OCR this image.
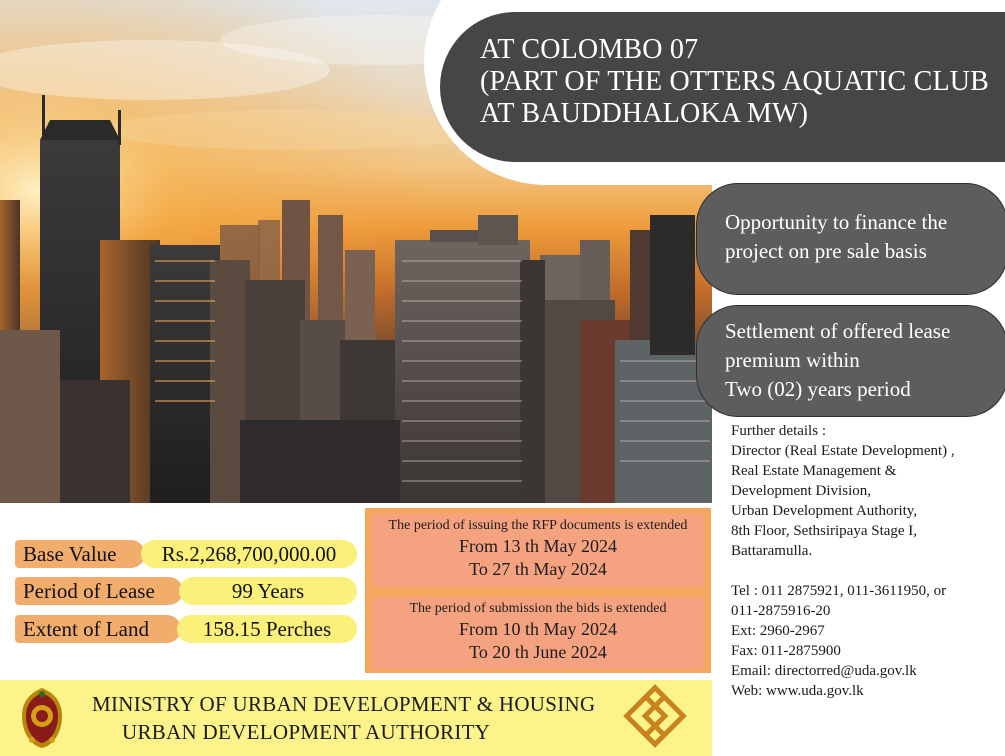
AT COLOMBO 07
(PART OF THE OTTERS AQUATIC CLUB
AT BAUDDHALOKA MW)
Opportunity to finance the
project on pre sale basis
Settlement of offered lease
premium within
Two (02) years period
Further details :
Director (Real Estate Development) ,
Real Estate Management &
Development Division,
Urban Development Authority,
8th Floor, Sethsiripaya Stage I,
Battaramulla.
Tel : 011 2875921, 011-3611950, or
011-2875916-20
Ext: 2960-2967
Fax: 011-2875900
Email: directorred@uda.gov.lk
Web: www.uda.gov.lk
Base Value	Rs.2,268,700,000.00
Period of Lease	99 Years
Extent of Land	158.15 Perches
The period of issuing the RFP documents is extended
From 13 th May 2024
To 27 th May 2024
The period of submission the bids is extended
From 10 th May 2024
To 20 th June 2024
MINISTRY OF URBAN DEVELOPMENT & HOUSING
URBAN DEVELOPMENT AUTHORITY
